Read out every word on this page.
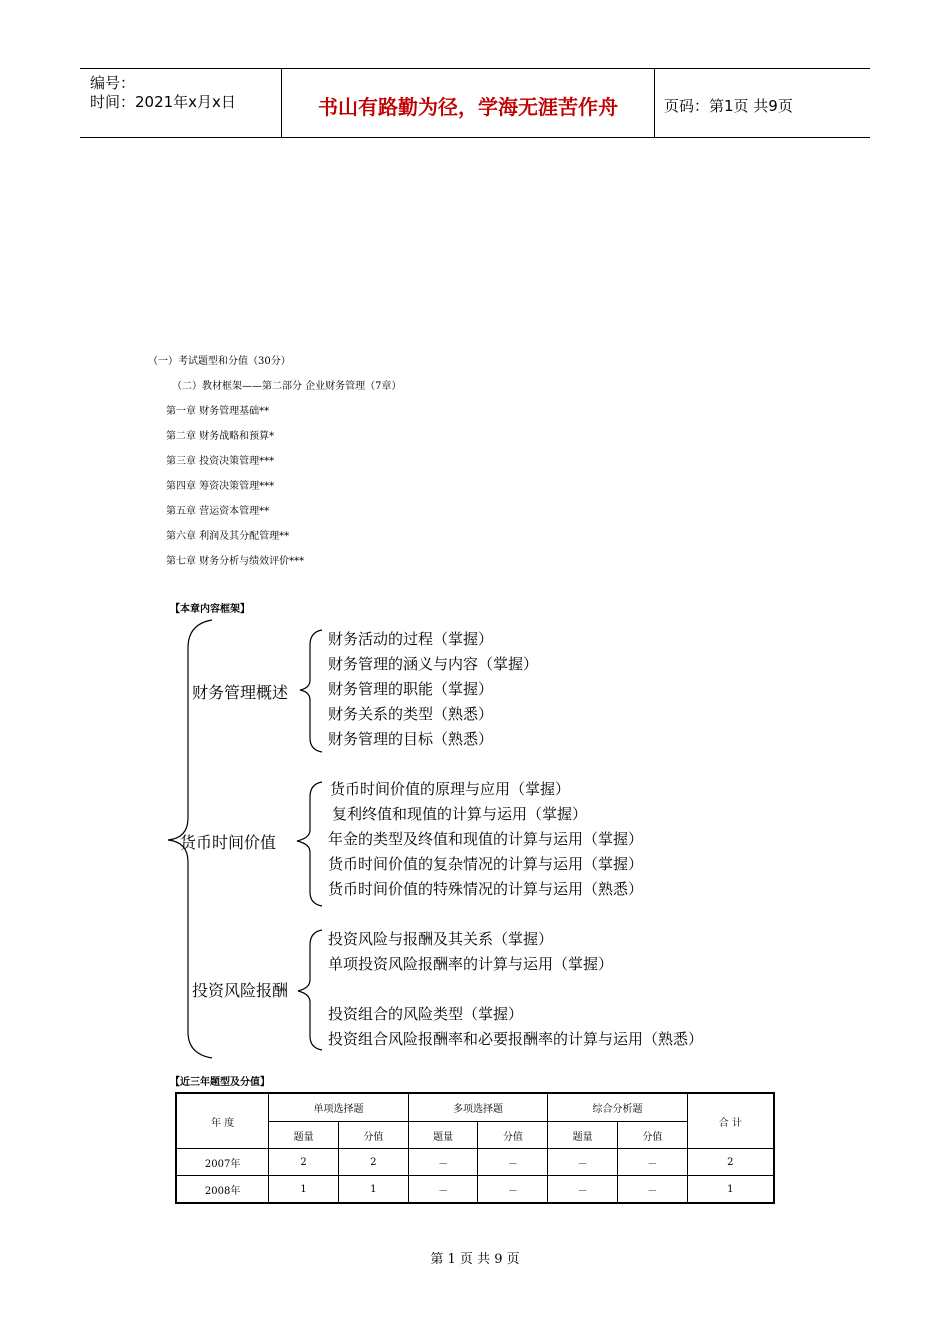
编号：
时间：2021年x月x日	书山有路勤为径，学海无涯苦作舟	页码：第1页 共9页
（一）考试题型和分值（30分）
（二）教材框架——第二部分 企业财务管理（7章）
第一章 财务管理基础**
第二章 财务战略和预算*
第三章 投资决策管理***
第四章 筹资决策管理***
第五章 营运资本管理**
第六章 利润及其分配管理**
第七章 财务分析与绩效评价***
【本章内容框架】
财务管理概述
财务活动的过程（掌握）
财务管理的涵义与内容（掌握）
财务管理的职能（掌握）
财务关系的类型（熟悉）
财务管理的目标（熟悉）
货币时间价值
货币时间价值的原理与应用（掌握）
复利终值和现值的计算与运用（掌握）
年金的类型及终值和现值的计算与运用（掌握）
货币时间价值的复杂情况的计算与运用（掌握）
货币时间价值的特殊情况的计算与运用（熟悉）
投资风险报酬
投资风险与报酬及其关系（掌握）
单项投资风险报酬率的计算与运用（掌握）
投资组合的风险类型（掌握）
投资组合风险报酬率和必要报酬率的计算与运用（熟悉）
【近三年题型及分值】
年 度	单项选择题		多项选择题		综合分析题		合 计
	题量	分值	题量	分值	题量	分值	
2007年	2	2	－	－	－	－	2
2008年	1	1	－	－	－	－	1
第 1 页 共 9 页
